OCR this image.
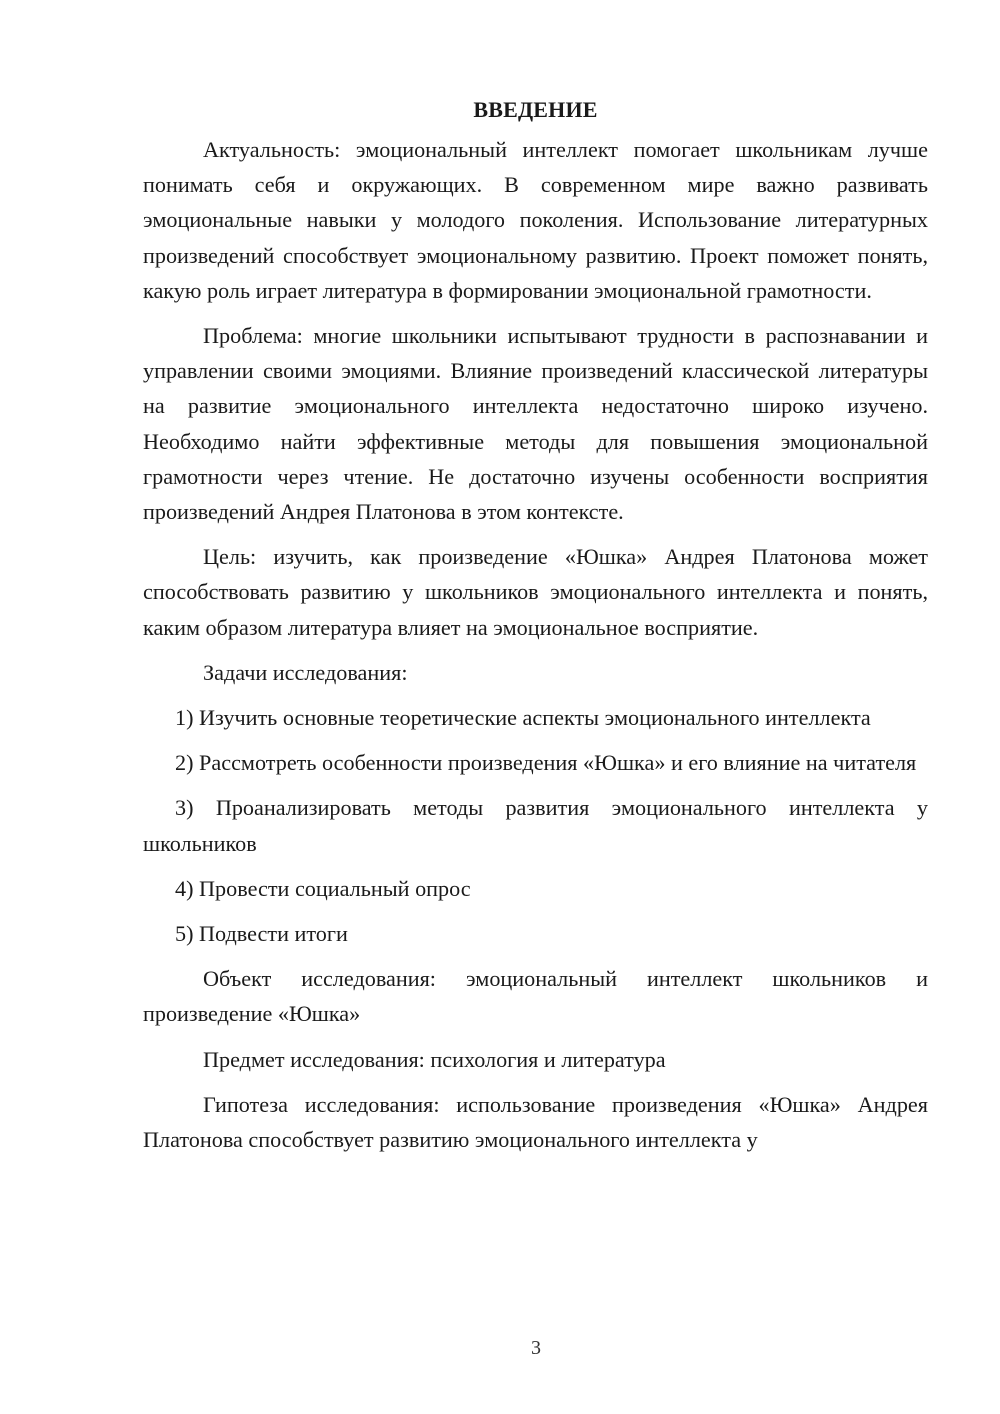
ВВЕДЕНИЕ

Актуальность: эмоциональный интеллект помогает школьникам лучше понимать себя и окружающих. В современном мире важно развивать эмоциональные навыки у молодого поколения. Использование литературных произведений способствует эмоциональному развитию. Проект поможет понять, какую роль играет литература в формировании эмоциональной грамотности.

Проблема: многие школьники испытывают трудности в распознавании и управлении своими эмоциями. Влияние произведений классической литературы на развитие эмоционального интеллекта недостаточно широко изучено. Необходимо найти эффективные методы для повышения эмоциональной грамотности через чтение. Не достаточно изучены особенности восприятия произведений Андрея Платонова в этом контексте.

Цель: изучить, как произведение «Юшка» Андрея Платонова может способствовать развитию у школьников эмоционального интеллекта и понять, каким образом литература влияет на эмоциональное восприятие.

Задачи исследования:

1) Изучить основные теоретические аспекты эмоционального интеллекта

2) Рассмотреть особенности произведения «Юшка» и его влияние на читателя

3) Проанализировать методы развития эмоционального интеллекта у школьников

4) Провести социальный опрос

5) Подвести итоги

Объект исследования: эмоциональный интеллект школьников и произведение «Юшка»

Предмет исследования: психология и литература

Гипотеза исследования: использование произведения «Юшка» Андрея Платонова способствует развитию эмоционального интеллекта у

3
